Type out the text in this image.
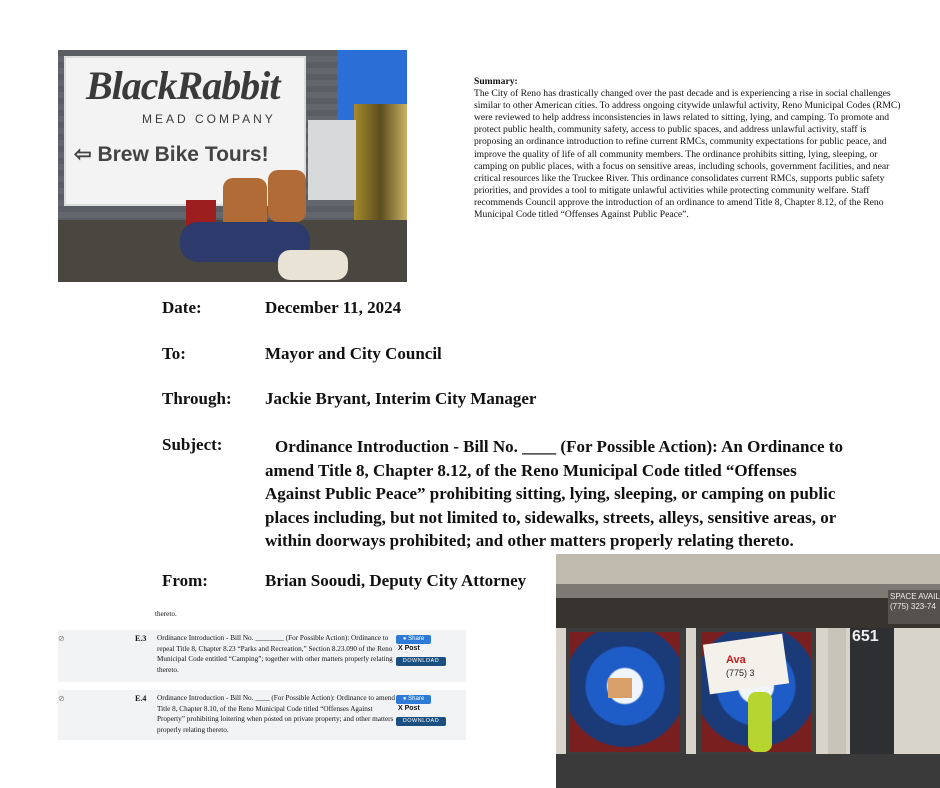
BlackRabbit
MEAD COMPANY
⇦ Brew Bike Tours!
Summary:
The City of Reno has drastically changed over the past decade and is experiencing a rise in social challenges similar to other American cities. To address ongoing citywide unlawful activity, Reno Municipal Codes (RMC) were reviewed to help address inconsistencies in laws related to sitting, lying, and camping. To promote and protect public health, community safety, access to public spaces, and address unlawful activity, staff is proposing an ordinance introduction to refine current RMCs, community expectations for public peace, and improve the quality of life of all community members. The ordinance prohibits sitting, lying, sleeping, or camping on public places, with a focus on sensitive areas, including schools, government facilities, and near critical resources like the Truckee River. This ordinance consolidates current RMCs, supports public safety priorities, and provides a tool to mitigate unlawful activities while protecting community welfare. Staff recommends Council approve the introduction of an ordinance to amend Title 8, Chapter 8.12, of the Reno Municipal Code titled “Offenses Against Public Peace”.
Date:	December 11, 2024
To:	Mayor and City Council
Through: Jackie Bryant, Interim City Manager
Subject:	Ordinance Introduction - Bill No. ____ (For Possible Action): An Ordinance to amend Title 8, Chapter 8.12, of the Reno Municipal Code titled “Offenses Against Public Peace” prohibiting sitting, lying, sleeping, or camping on public places including, but not limited to, sidewalks, streets, alleys, sensitive areas, or within doorways prohibited; and other matters properly relating thereto.
From:	Brian Sooudi, Deputy City Attorney
thereto.
⊘	E.3 Ordinance Introduction - Bill No. ________ (For Possible Action): Ordinance to repeal Title 8, Chapter 8.23 “Parks and Recreation,” Section 8.23.090 of the Reno Municipal Code entitled “Camping”; together with other matters properly relating thereto.
● Share
X Post
DOWNLOAD
⊘	E.4 Ordinance Introduction - Bill No. ____ (For Possible Action): Ordinance to amend Title 8, Chapter 8.10, of the Reno Municipal Code titled “Offenses Against Property” prohibiting loitering when posted on private property; and other matters properly relating thereto.
● Share
X Post
DOWNLOAD
Ava
(775) 3
651
SPACE AVAIL (775) 323-74
